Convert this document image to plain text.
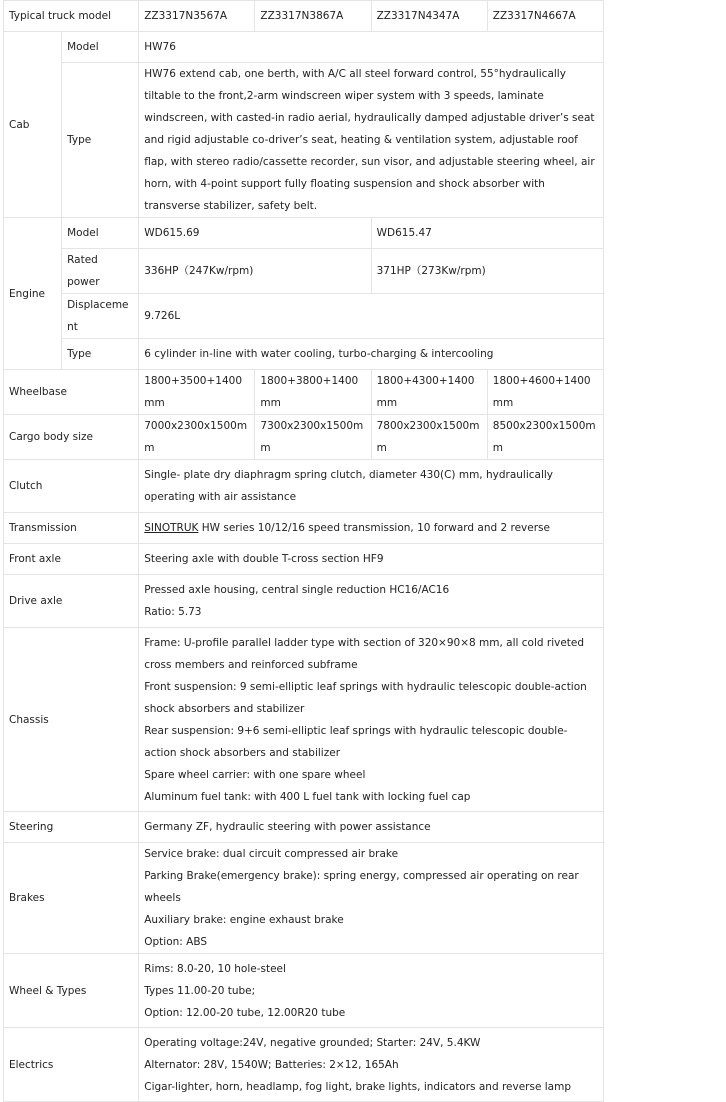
Typical truck model		ZZ3317N3567A	ZZ3317N3867A	ZZ3317N4347A	ZZ3317N4667A
Cab	Model	HW76			
	Type	HW76 extend cab, one berth, with A/C all steel forward control, 55°hydraulically tiltable to the front,2-arm windscreen wiper system with 3 speeds, laminate windscreen, with casted-in radio aerial, hydraulically damped adjustable driver’s seat and rigid adjustable co-driver’s seat, heating & ventilation system, adjustable roof flap, with stereo radio/cassette recorder, sun visor, and adjustable steering wheel, air horn, with 4-point support fully floating suspension and shock absorber with transverse stabilizer, safety belt.			
Engine	Model	WD615.69		WD615.47	
	Rated power	336HP（247Kw/rpm)		371HP（273Kw/rpm)	
	Displacement	9.726L			
	Type	6 cylinder in-line with water cooling, turbo-charging & intercooling			
Wheelbase		1800+3500+1400mm	1800+3800+1400mm	1800+4300+1400mm	1800+4600+1400mm
Cargo body size		7000x2300x1500mm	7300x2300x1500mm	7800x2300x1500mm	8500x2300x1500mm
Clutch		Single- plate dry diaphragm spring clutch, diameter 430(C) mm, hydraulically operating with air assistance			
Transmission		SINOTRUK HW series 10/12/16 speed transmission, 10 forward and 2 reverse			
Front axle		Steering axle with double T-cross section HF9			
Drive axle		Pressed axle housing, central single reduction HC16/AC16

Ratio: 5.73			

Chassis		Frame: U-profile parallel ladder type with section of 320×90×8 mm, all cold riveted cross members and reinforced subframe

Front suspension: 9 semi-elliptic leaf springs with hydraulic telescopic double-action shock absorbers and stabilizer

Rear suspension: 9+6 semi-elliptic leaf springs with hydraulic telescopic double-action shock absorbers and stabilizer

Spare wheel carrier: with one spare wheel

Aluminum fuel tank: with 400 L fuel tank with locking fuel cap			

Steering		Germany ZF, hydraulic steering with power assistance			
Brakes		Service brake: dual circuit compressed air brake

Parking Brake(emergency brake): spring energy, compressed air operating on rear wheels

Auxiliary brake: engine exhaust brake

Option: ABS			

Wheel & Types		Rims: 8.0-20, 10 hole-steel

Types 11.00-20 tube;

Option: 12.00-20 tube, 12.00R20 tube			

Electrics		Operating voltage:24V, negative grounded; Starter: 24V, 5.4KW

Alternator: 28V, 1540W; Batteries: 2×12, 165Ah

Cigar-lighter, horn, headlamp, fog light, brake lights, indicators and reverse lamp			
